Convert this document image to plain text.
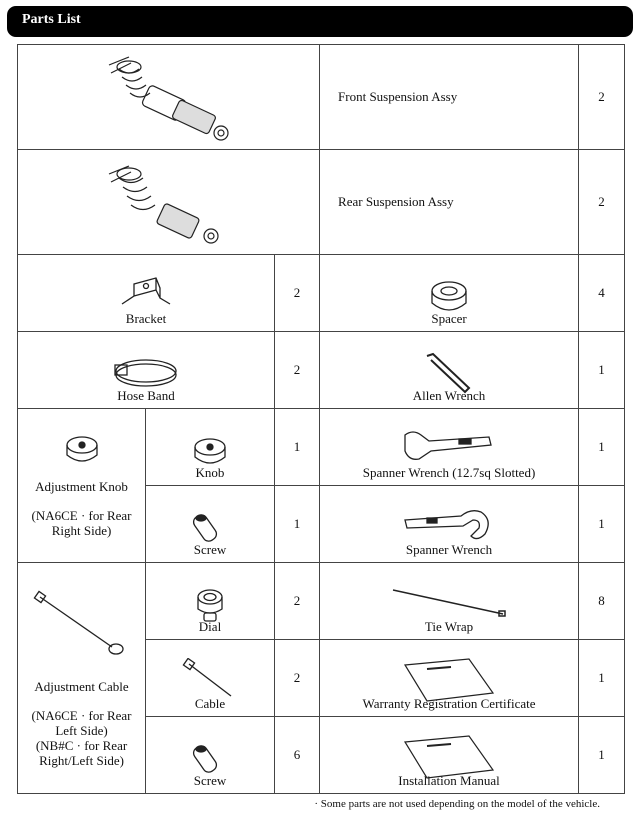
Parts List
	Front Suspension Assy	2

	Rear Suspension Assy	2

Bracket		2	Spacer	4

Hose Band		2	Allen Wrench	1

Adjustment Knob
(NA6CE · for Rear Right Side)	Knob	1	Spanner Wrench (12.7sq Slotted)	1

	Screw	1	Spanner Wrench	1

Adjustment Cable
(NA6CE · for Rear Left Side)
(NB#C · for Rear Right/Left Side)	Dial	2	Tie Wrap	8

	Cable	2	Warranty Registration Certificate	1

	Screw	6	Installation Manual	1
· Some parts are not used depending on the model of the vehicle.
